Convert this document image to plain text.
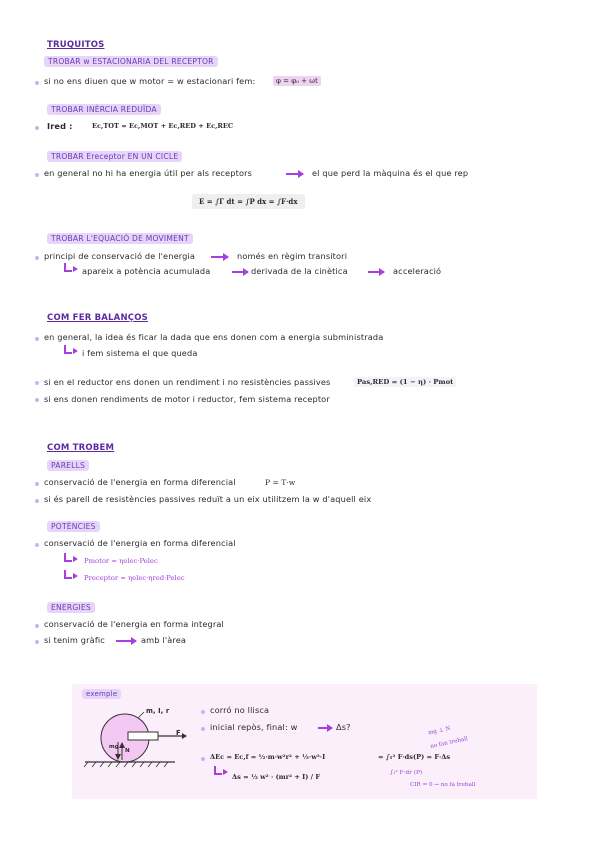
TRUQUITOS
TROBAR w ESTACIONARIA DEL RECEPTOR
si no ens diuen que w motor = w estacionari fem:	φ = φ₀ + ωt
TROBAR INÈRCIA REDUÏDA
Ired :	Ec,TOT = Ec,MOT + Ec,RED + Ec,REC
TROBAR Ereceptor EN UN CICLE
en general no hi ha energia útil per als receptors	el que perd la màquina és el que rep
E = ∫Γ dt = ∫P dx = ∫F·dx
TROBAR L'EQUACIÓ DE MOVIMENT
principi de conservació de l'energia	només en règim transitori
apareix a potència acumulada	derivada de la cinètica	acceleració
COM FER BALANÇOS
en general, la idea és ficar la dada que ens donen com a energia subministrada
i fem sistema el que queda
si en el reductor ens donen un rendiment i no resistències passives	Pas,RED = (1 − η) · Pmot
si ens donen rendiments de motor i reductor, fem sistema receptor
COM TROBEM
PARELLS
conservació de l'energia en forma diferencial	P = T·w
si és parell de resistències passives reduït a un eix utilitzem la w d'aquell eix
POTÈNCIES
conservació de l'energia en forma diferencial
Pmotor = ηelec·Pelec
Preceptor = ηelec·ηred·Pelec
ENERGIES
conservació de l'energia en forma integral
si tenim gràfic	amb l'àrea
exemple
m, I, r
F
N
mg
corró no llisca
inicial repòs, final: w	Δs?
ΔEc = Ec,f = ½·m·w²r² + ½·w²·I	= ∫₁² F·ds(P) = F·Δs
Δs = ½ w² · (mr² + I) / F
mg ⊥ N
no fan treball
∫₁² F·dr (P)
CIR = 0 → no fa treball
